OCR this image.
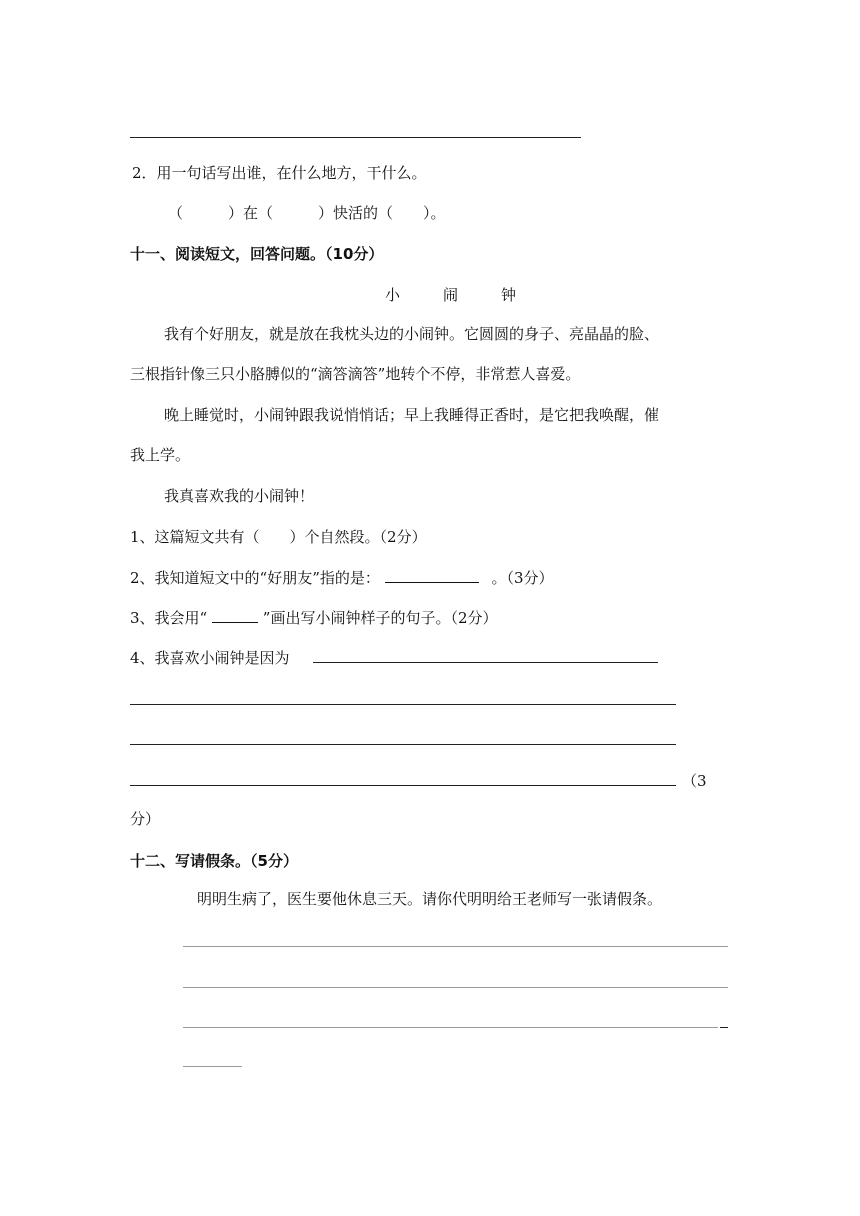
2．用一句话写出谁，在什么地方，干什么。
（　　　）在（　　　）快活的（　　）。
十一、阅读短文，回答问题。（10分）
小　闹　钟
我有个好朋友，就是放在我枕头边的小闹钟。它圆圆的身子、亮晶晶的脸、
三根指针像三只小胳膊似的“滴答滴答”地转个不停，非常惹人喜爱。
晚上睡觉时，小闹钟跟我说悄悄话；早上我睡得正香时，是它把我唤醒，催
我上学。
我真喜欢我的小闹钟！
1、这篇短文共有（　　）个自然段。（2分）
2、我知道短文中的“好朋友”指的是：	。（3分）
3、我会用“	”画出写小闹钟样子的句子。（2分）
4、我喜欢小闹钟是因为
（3
分）
十二、写请假条。（5分）
明明生病了，医生要他休息三天。请你代明明给王老师写一张请假条。
